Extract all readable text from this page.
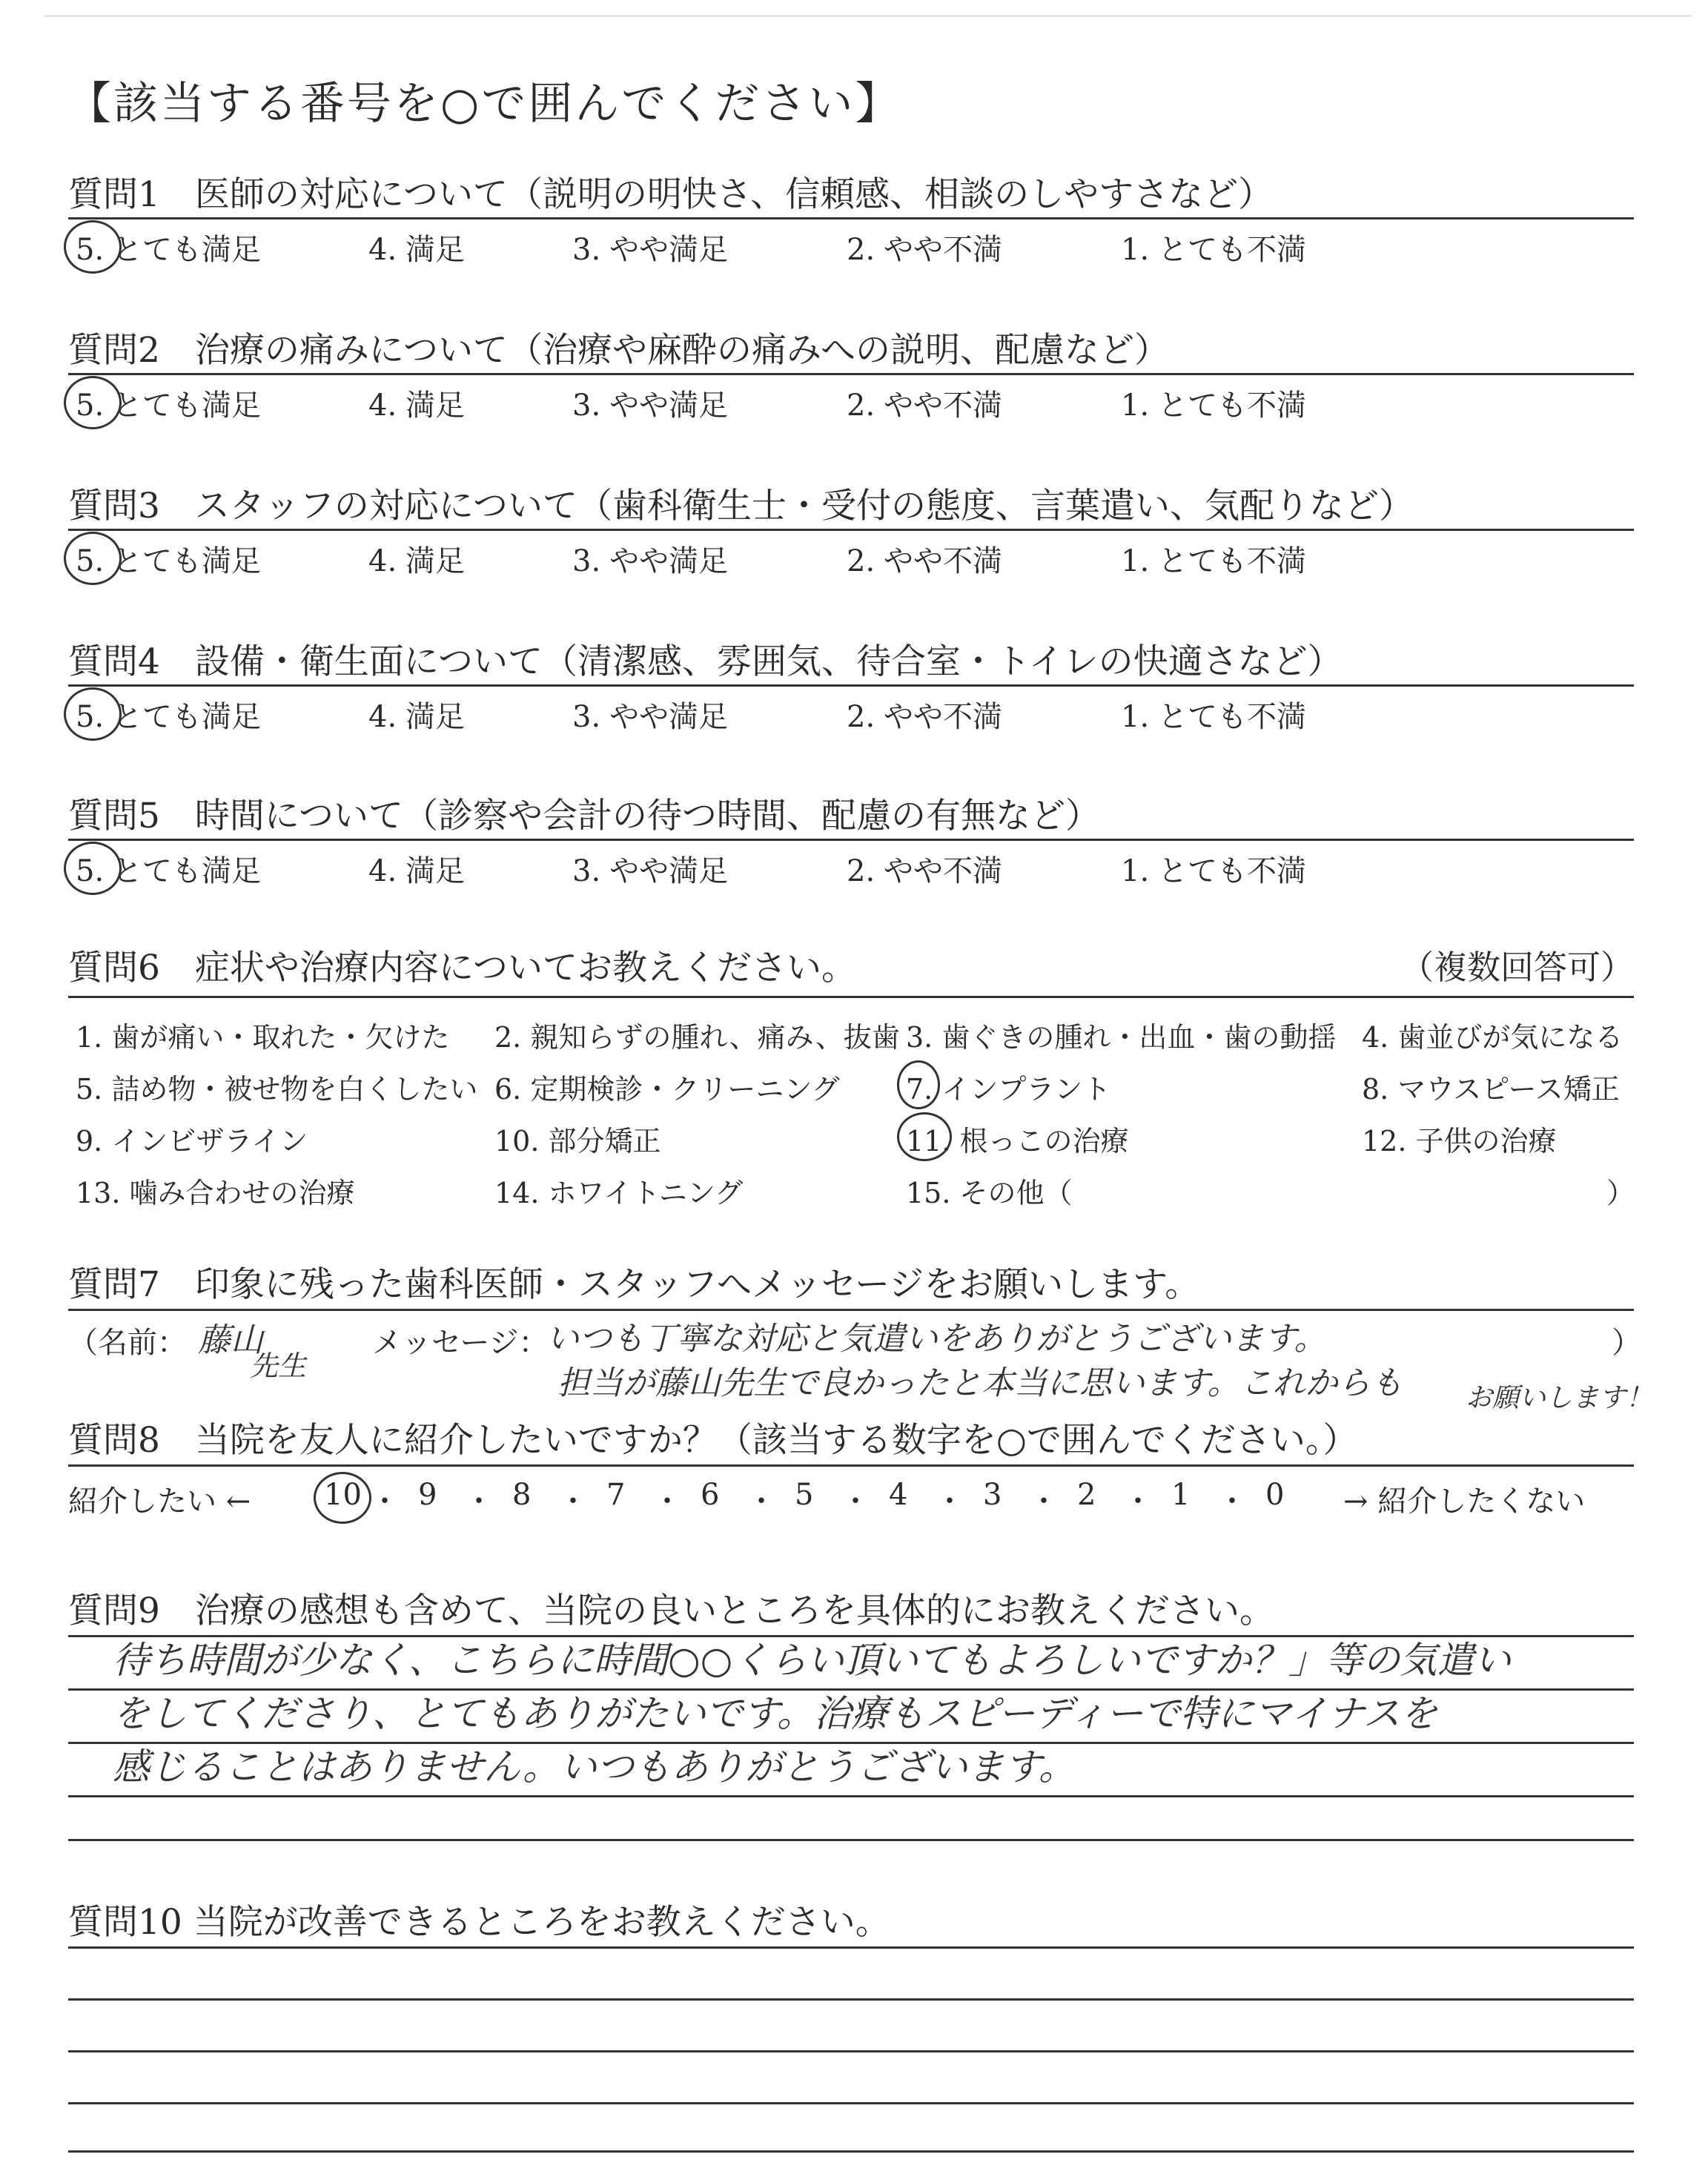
【該当する番号を○で囲んでください】
質問1　医師の対応について（説明の明快さ、信頼感、相談のしやすさなど）
5. とても満足	4. 満足	3. やや満足	2. やや不満	1. とても不満
質問2　治療の痛みについて（治療や麻酔の痛みへの説明、配慮など）
5. とても満足	4. 満足	3. やや満足	2. やや不満	1. とても不満
質問3　スタッフの対応について（歯科衛生士・受付の態度、言葉遣い、気配りなど）
5. とても満足	4. 満足	3. やや満足	2. やや不満	1. とても不満
質問4　設備・衛生面について（清潔感、雰囲気、待合室・トイレの快適さなど）
5. とても満足	4. 満足	3. やや満足	2. やや不満	1. とても不満
質問5　時間について（診察や会計の待つ時間、配慮の有無など）
5. とても満足	4. 満足	3. やや満足	2. やや不満	1. とても不満
質問6　症状や治療内容についてお教えください。	（複数回答可）
1. 歯が痛い・取れた・欠けた 2. 親知らずの腫れ、痛み、抜歯 3. 歯ぐきの腫れ・出血・歯の動揺 4. 歯並びが気になる
5. 詰め物・被せ物を白くしたい 6. 定期検診・クリーニング 7. インプラント	8. マウスピース矯正
9. インビザライン	10. 部分矯正	11. 根っこの治療	12. 子供の治療
13. 噛み合わせの治療	14. ホワイトニング	15. その他（	）
質問7　印象に残った歯科医師・スタッフへメッセージをお願いします。
（名前： 藤山
先生
メッセージ：
いつも丁寧な対応と気遣いをありがとうございます。	）
担当が藤山先生で良かったと本当に思います。これからも お願いします！
質問8　当院を友人に紹介したいですか？（該当する数字を○で囲んでください。）
紹介したい ←	→ 紹介したくない
10 ・ 9 ・ 8 ・ 7 ・ 6 ・ 5 ・ 4 ・ 3 ・ 2 ・ 1 ・ 0
質問9　治療の感想も含めて、当院の良いところを具体的にお教えください。
待ち時間が少なく、こちらに時間○○くらい頂いてもよろしいですか？」等の気遣い
をしてくださり、とてもありがたいです。治療もスピーディーで特にマイナスを
感じることはありません。いつもありがとうございます。
質問10 当院が改善できるところをお教えください。
